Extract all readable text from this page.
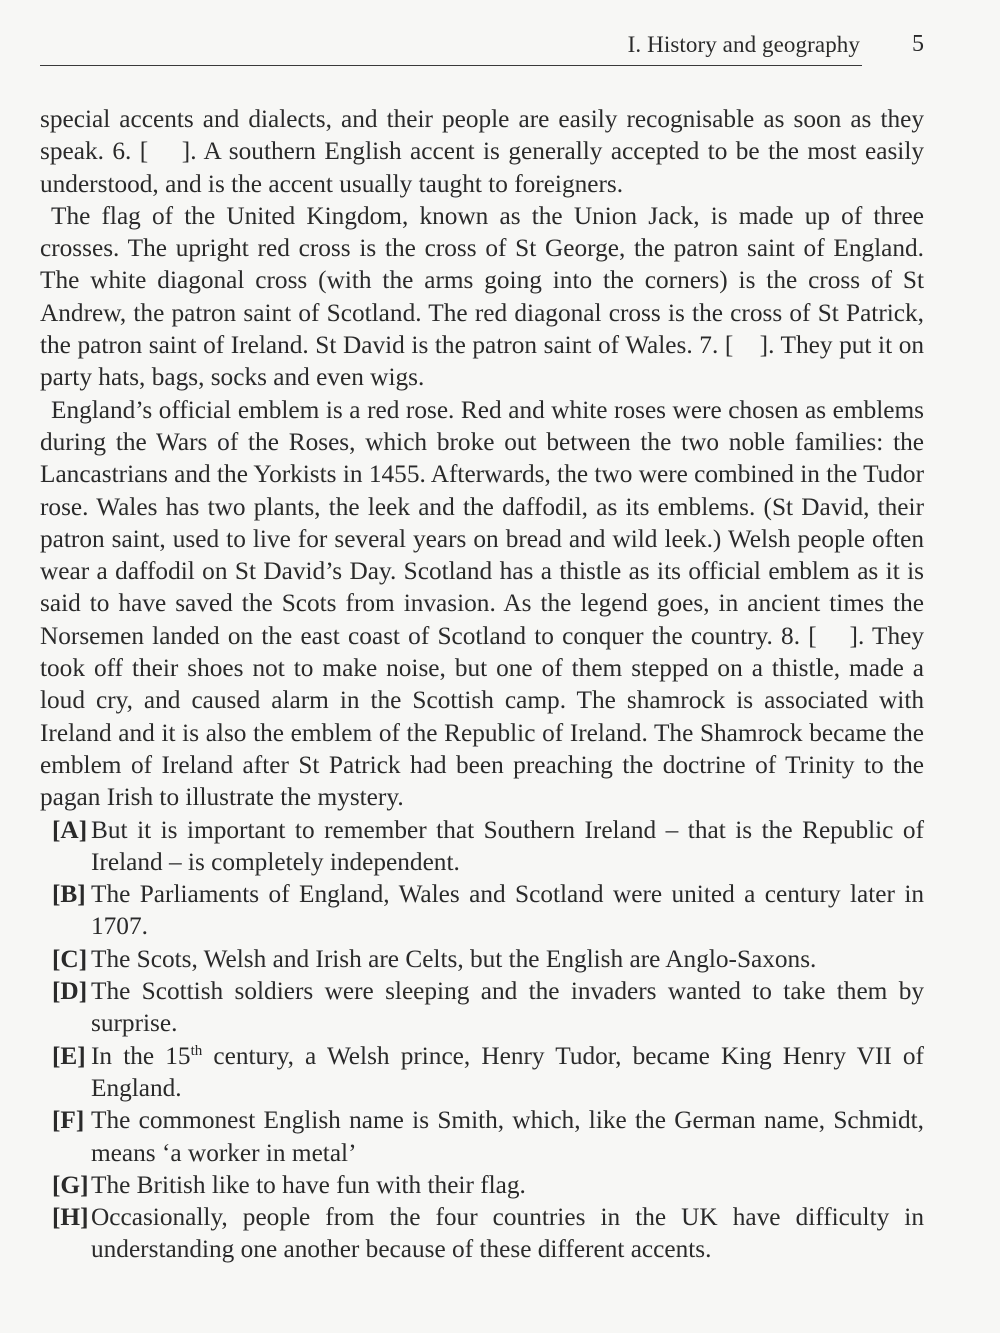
I. History and geography 5

special accents and dialects, and their people are easily recognisable as soon as they speak. 6. [    ]. A southern English accent is generally accepted to be the most easily understood, and is the accent usually taught to foreigners.

The flag of the United Kingdom, known as the Union Jack, is made up of three crosses. The upright red cross is the cross of St George, the patron saint of England. The white diagonal cross (with the arms going into the corners) is the cross of St Andrew, the patron saint of Scotland. The red diagonal cross is the cross of St Patrick, the patron saint of Ireland. St David is the patron saint of Wales. 7. [    ]. They put it on party hats, bags, socks and even wigs.

England’s official emblem is a red rose. Red and white roses were chosen as emblems during the Wars of the Roses, which broke out between the two noble families: the Lancastrians and the Yorkists in 1455. Afterwards, the two were combined in the Tudor rose. Wales has two plants, the leek and the daffodil, as its emblems. (St David, their patron saint, used to live for several years on bread and wild leek.) Welsh people often wear a daffodil on St David’s Day. Scotland has a thistle as its official emblem as it is said to have saved the Scots from invasion. As the legend goes, in ancient times the Norsemen landed on the east coast of Scotland to conquer the country. 8. [    ]. They took off their shoes not to make noise, but one of them stepped on a thistle, made a loud cry, and caused alarm in the Scottish camp. The shamrock is associated with Ireland and it is also the emblem of the Republic of Ireland. The Shamrock became the emblem of Ireland after St Patrick had been preaching the doctrine of Trinity to the pagan Irish to illustrate the mystery.

[A] But it is important to remember that Southern Ireland – that is the Republic of Ireland – is completely independent.
[B] The Parliaments of England, Wales and Scotland were united a century later in 1707.
[C] The Scots, Welsh and Irish are Celts, but the English are Anglo-Saxons.
[D] The Scottish soldiers were sleeping and the invaders wanted to take them by surprise.
[E] In the 15th century, a Welsh prince, Henry Tudor, became King Henry VII of England.
[F] The commonest English name is Smith, which, like the German name, Schmidt, means ‘a worker in metal’
[G] The British like to have fun with their flag.
[H] Occasionally, people from the four countries in the UK have difficulty in understanding one another because of these different accents.
